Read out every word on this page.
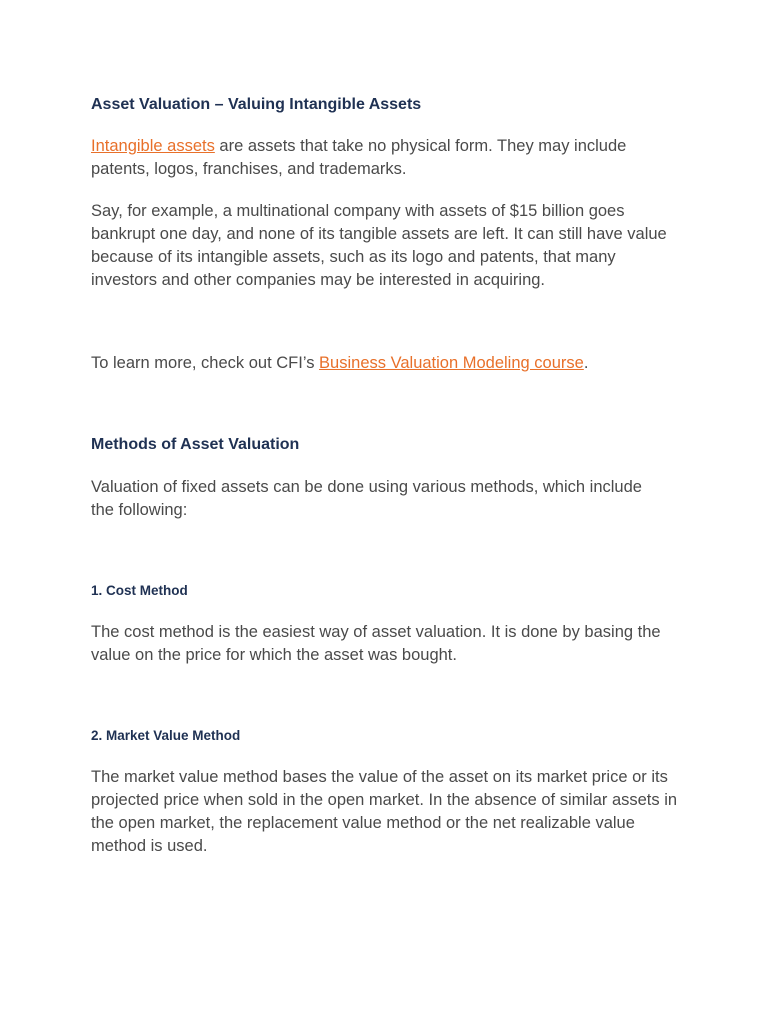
Asset Valuation – Valuing Intangible Assets

Intangible assets are assets that take no physical form. They may include patents, logos, franchises, and trademarks.

Say, for example, a multinational company with assets of $15 billion goes bankrupt one day, and none of its tangible assets are left. It can still have value because of its intangible assets, such as its logo and patents, that many investors and other companies may be interested in acquiring.

To learn more, check out CFI’s Business Valuation Modeling course.

Methods of Asset Valuation

Valuation of fixed assets can be done using various methods, which include the following:

1. Cost Method

The cost method is the easiest way of asset valuation. It is done by basing the value on the price for which the asset was bought.

2. Market Value Method

The market value method bases the value of the asset on its market price or its projected price when sold in the open market. In the absence of similar assets in the open market, the replacement value method or the net realizable value method is used.
